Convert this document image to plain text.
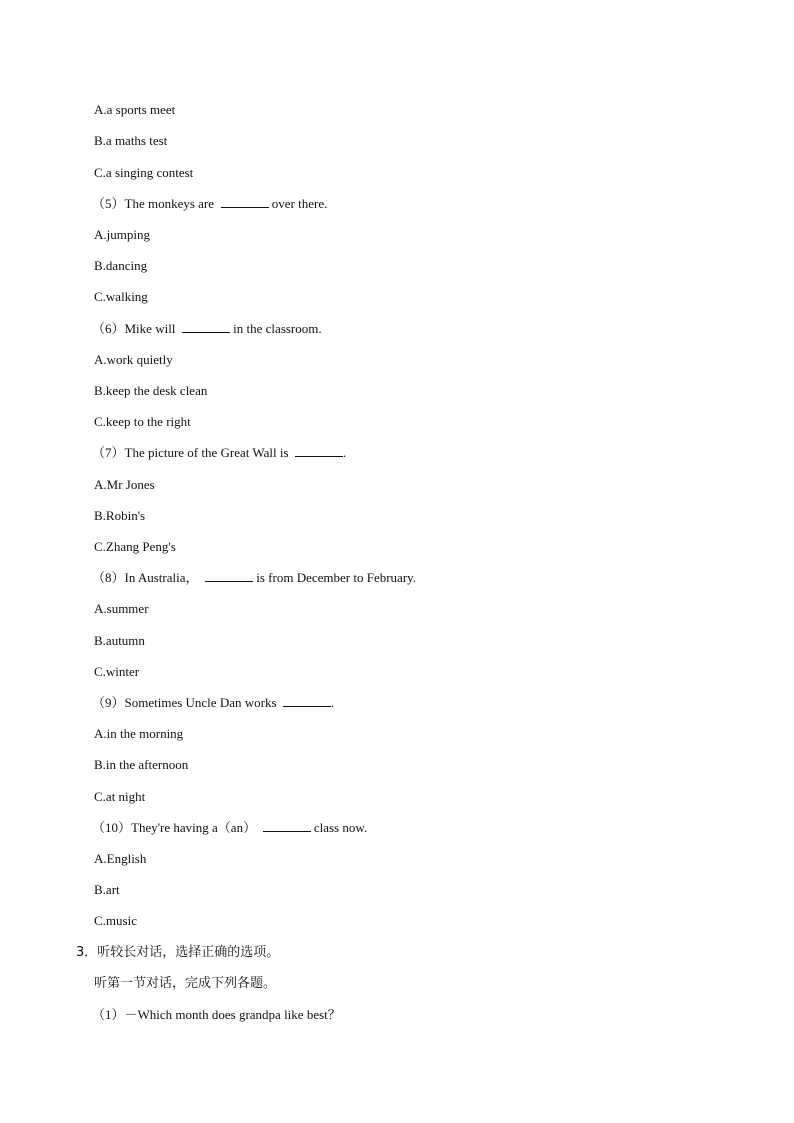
A.a sports meet
B.a maths test
C.a singing contest
（5）The monkeys are	over there.
A.jumping
B.dancing
C.walking
（6）Mike will	in the classroom.
A.work quietly
B.keep the desk clean
C.keep to the right
（7）The picture of the Great Wall is	.
A.Mr Jones
B.Robin's
C.Zhang Peng's
（8）In Australia，	is from December to February.
A.summer
B.autumn
C.winter
（9）Sometimes Uncle Dan works	.
A.in the morning
B.in the afternoon
C.at night
（10）They're having a（an）	class now.
A.English
B.art
C.music
3．听较长对话，选择正确的选项。
听第一节对话，完成下列各题。
（1）－Which month does grandpa like best？
